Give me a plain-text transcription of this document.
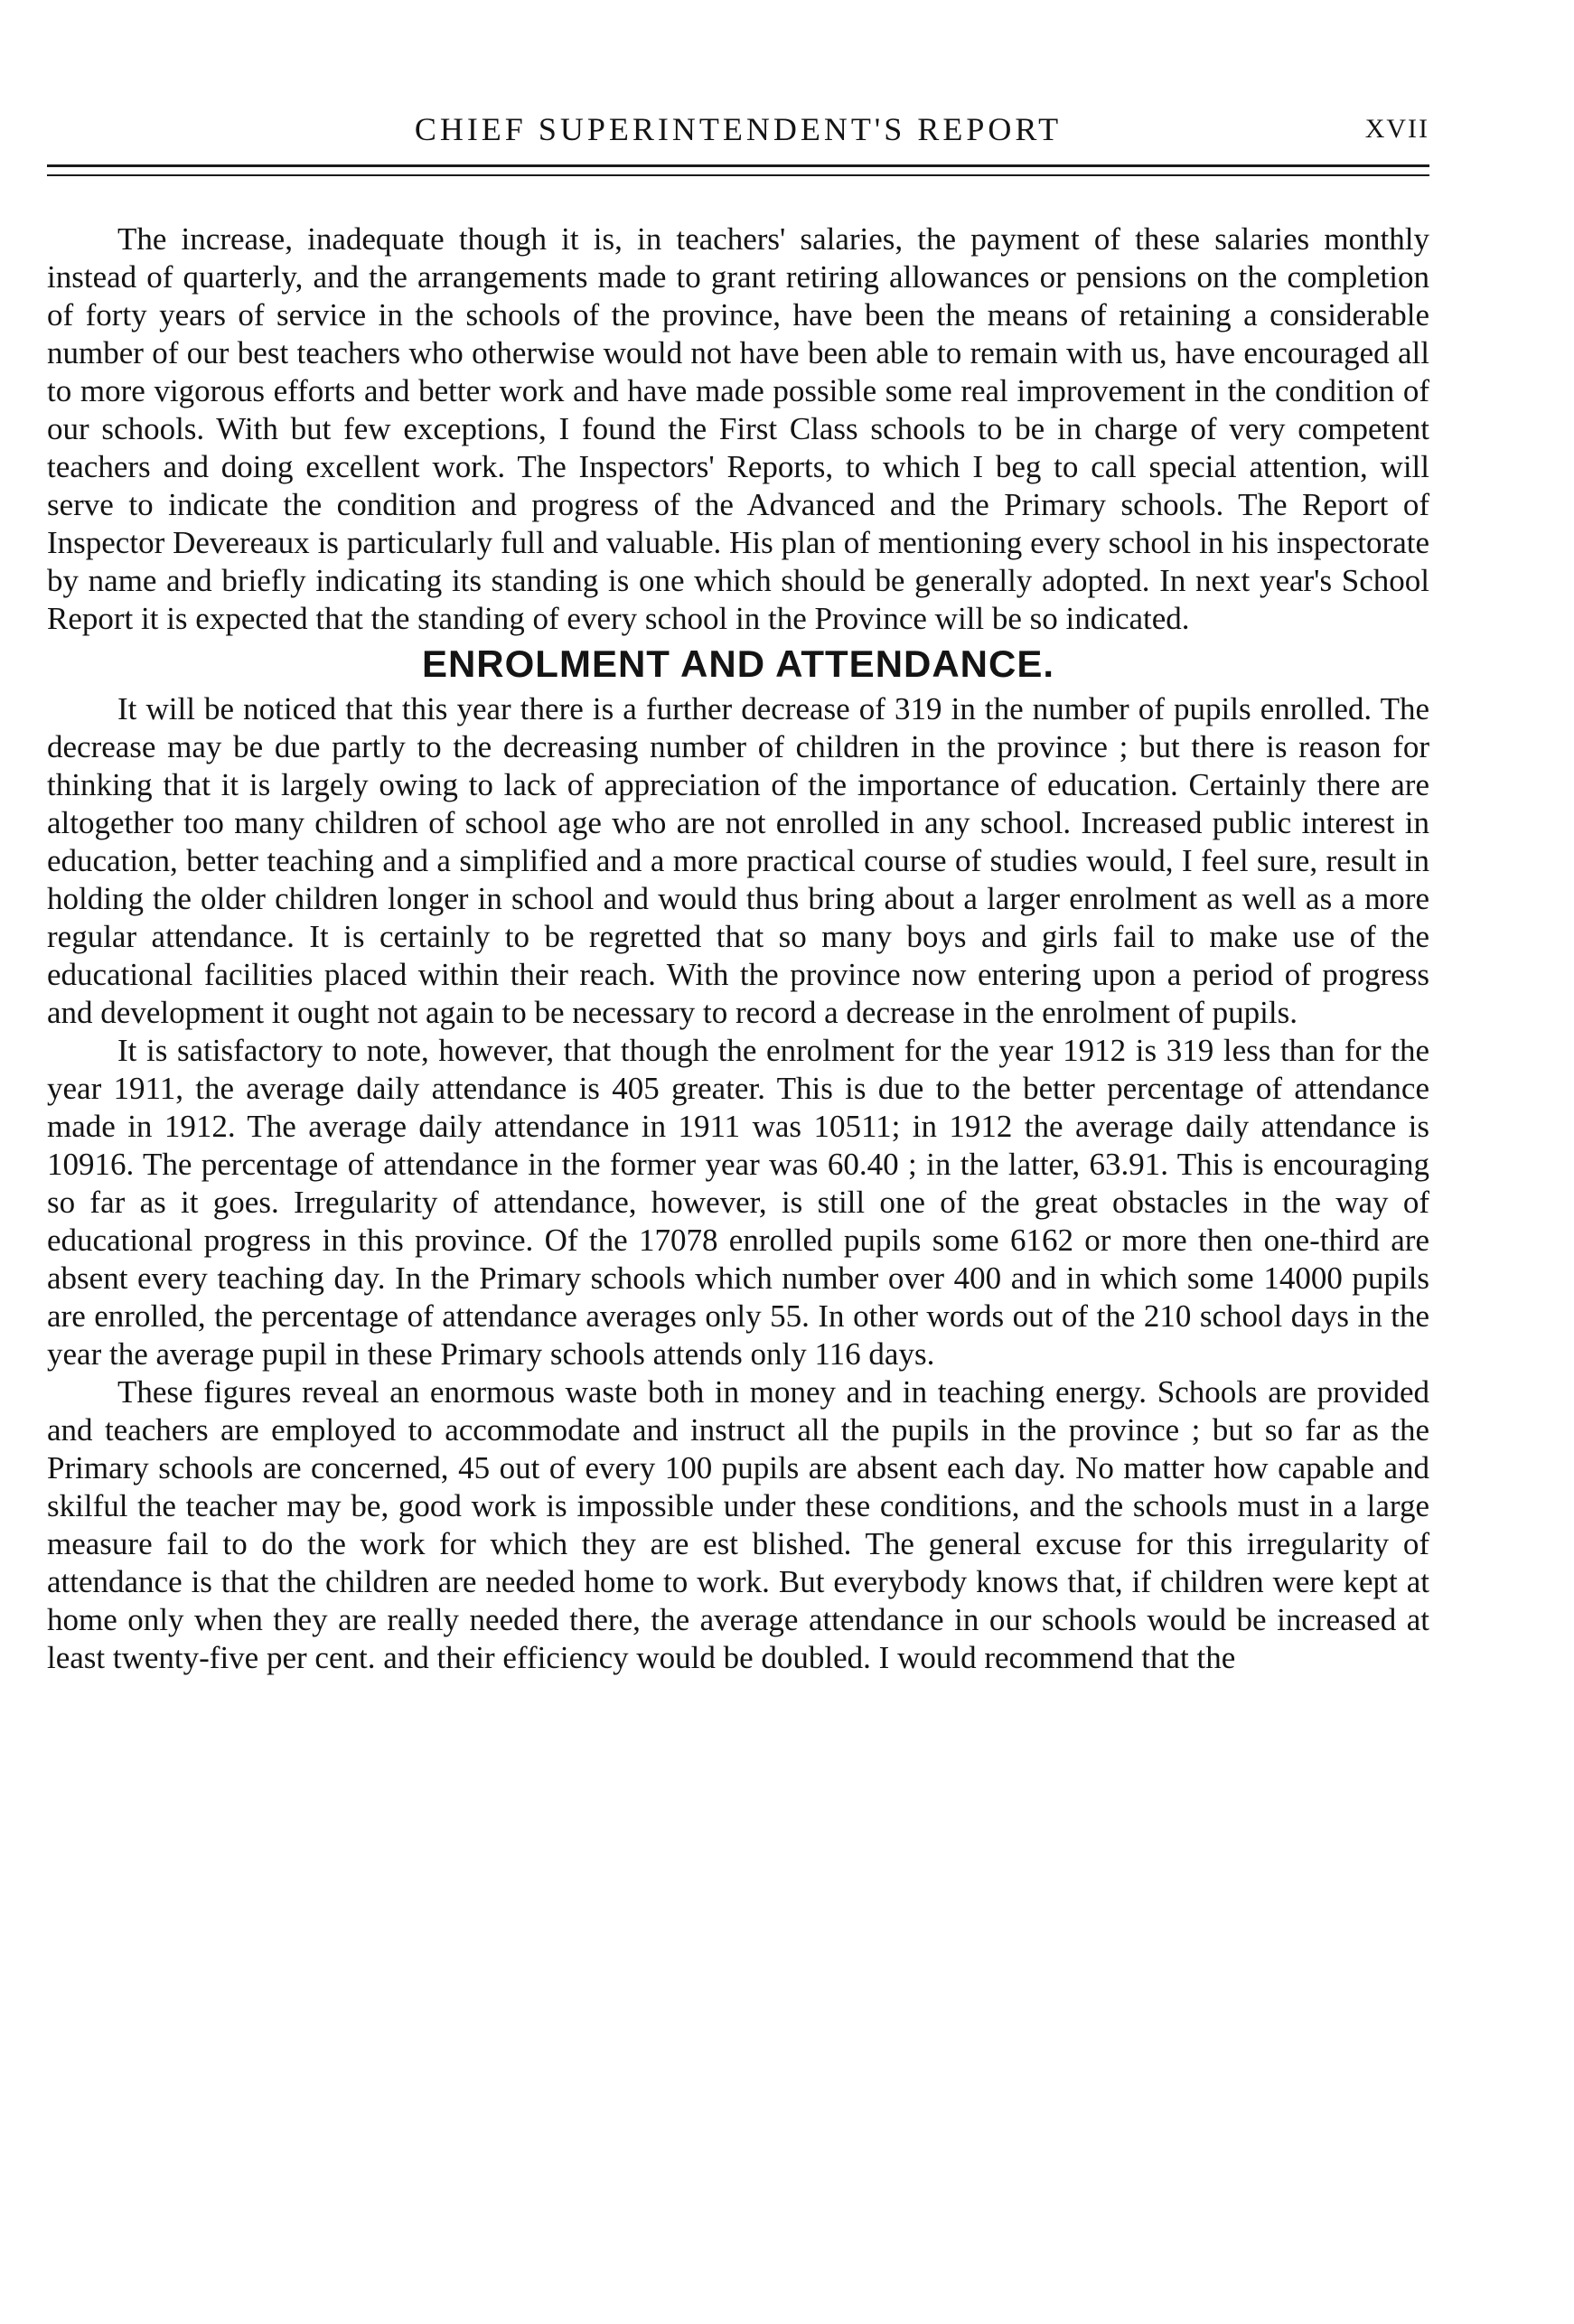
CHIEF SUPERINTENDENT'S REPORT	XVII

The increase, inadequate though it is, in teachers' salaries, the payment of these salaries monthly instead of quarterly, and the arrangements made to grant retiring allowances or pensions on the completion of forty years of service in the schools of the province, have been the means of retaining a considerable number of our best teachers who otherwise would not have been able to remain with us, have encouraged all to more vigorous efforts and better work and have made possible some real improvement in the condition of our schools. With but few exceptions, I found the First Class schools to be in charge of very competent teachers and doing excellent work. The Inspectors' Reports, to which I beg to call special attention, will serve to indicate the condition and progress of the Advanced and the Primary schools. The Report of Inspector Devereaux is particularly full and valuable. His plan of mentioning every school in his inspectorate by name and briefly indicating its standing is one which should be generally adopted. In next year's School Report it is expected that the standing of every school in the Province will be so indicated.

ENROLMENT AND ATTENDANCE.

It will be noticed that this year there is a further decrease of 319 in the number of pupils enrolled. The decrease may be due partly to the decreasing number of children in the province ; but there is reason for thinking that it is largely owing to lack of appreciation of the importance of education. Certainly there are altogether too many children of school age who are not enrolled in any school. Increased public interest in education, better teaching and a simplified and a more practical course of studies would, I feel sure, result in holding the older children longer in school and would thus bring about a larger enrolment as well as a more regular attendance. It is certainly to be regretted that so many boys and girls fail to make use of the educational facilities placed within their reach. With the province now entering upon a period of progress and development it ought not again to be necessary to record a decrease in the enrolment of pupils.

It is satisfactory to note, however, that though the enrolment for the year 1912 is 319 less than for the year 1911, the average daily attendance is 405 greater. This is due to the better percentage of attendance made in 1912. The average daily attendance in 1911 was 10511; in 1912 the average daily attendance is 10916. The percentage of attendance in the former year was 60.40 ; in the latter, 63.91. This is encouraging so far as it goes. Irregularity of attendance, however, is still one of the great obstacles in the way of educational progress in this province. Of the 17078 enrolled pupils some 6162 or more then one-third are absent every teaching day. In the Primary schools which number over 400 and in which some 14000 pupils are enrolled, the percentage of attendance averages only 55. In other words out of the 210 school days in the year the average pupil in these Primary schools attends only 116 days.

These figures reveal an enormous waste both in money and in teaching energy. Schools are provided and teachers are employed to accommodate and instruct all the pupils in the province ; but so far as the Primary schools are concerned, 45 out of every 100 pupils are absent each day. No matter how capable and skilful the teacher may be, good work is impossible under these conditions, and the schools must in a large measure fail to do the work for which they are est blished. The general excuse for this irregularity of attendance is that the children are needed home to work. But everybody knows that, if children were kept at home only when they are really needed there, the average attendance in our schools would be increased at least twenty-five per cent. and their efficiency would be doubled. I would recommend that the
